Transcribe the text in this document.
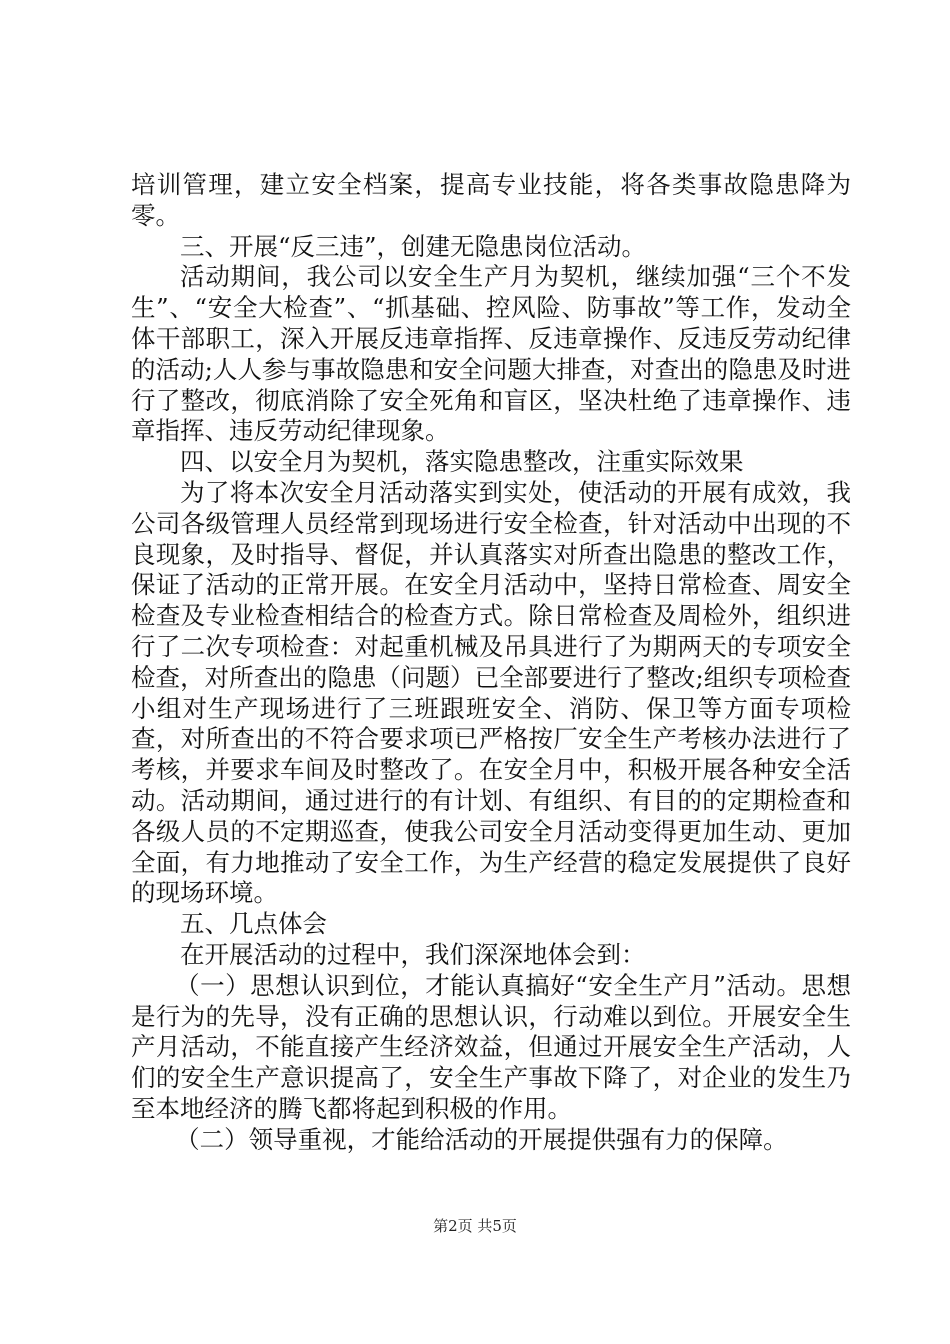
培训管理，建立安全档案，提高专业技能，将各类事故隐患降为零。

三、开展“反三违”，创建无隐患岗位活动。

活动期间，我公司以安全生产月为契机，继续加强“三个不发生”、“安全大检查”、“抓基础、控风险、防事故”等工作，发动全体干部职工，深入开展反违章指挥、反违章操作、反违反劳动纪律的活动;人人参与事故隐患和安全问题大排查，对查出的隐患及时进行了整改，彻底消除了安全死角和盲区，坚决杜绝了违章操作、违章指挥、违反劳动纪律现象。

四、以安全月为契机，落实隐患整改，注重实际效果

为了将本次安全月活动落实到实处，使活动的开展有成效，我公司各级管理人员经常到现场进行安全检查，针对活动中出现的不良现象，及时指导、督促，并认真落实对所查出隐患的整改工作，保证了活动的正常开展。在安全月活动中，坚持日常检查、周安全检查及专业检查相结合的检查方式。除日常检查及周检外，组织进行了二次专项检查：对起重机械及吊具进行了为期两天的专项安全检查，对所查出的隐患（问题）已全部要进行了整改;组织专项检查小组对生产现场进行了三班跟班安全、消防、保卫等方面专项检查，对所查出的不符合要求项已严格按厂安全生产考核办法进行了考核，并要求车间及时整改了。在安全月中，积极开展各种安全活动。活动期间，通过进行的有计划、有组织、有目的的定期检查和各级人员的不定期巡查，使我公司安全月活动变得更加生动、更加全面，有力地推动了安全工作，为生产经营的稳定发展提供了良好的现场环境。

五、几点体会

在开展活动的过程中，我们深深地体会到：

（一）思想认识到位，才能认真搞好“安全生产月”活动。思想是行为的先导，没有正确的思想认识，行动难以到位。开展安全生产月活动，不能直接产生经济效益，但通过开展安全生产活动，人们的安全生产意识提高了，安全生产事故下降了，对企业的发生乃至本地经济的腾飞都将起到积极的作用。

（二）领导重视，才能给活动的开展提供强有力的保障。

第2页 共5页
